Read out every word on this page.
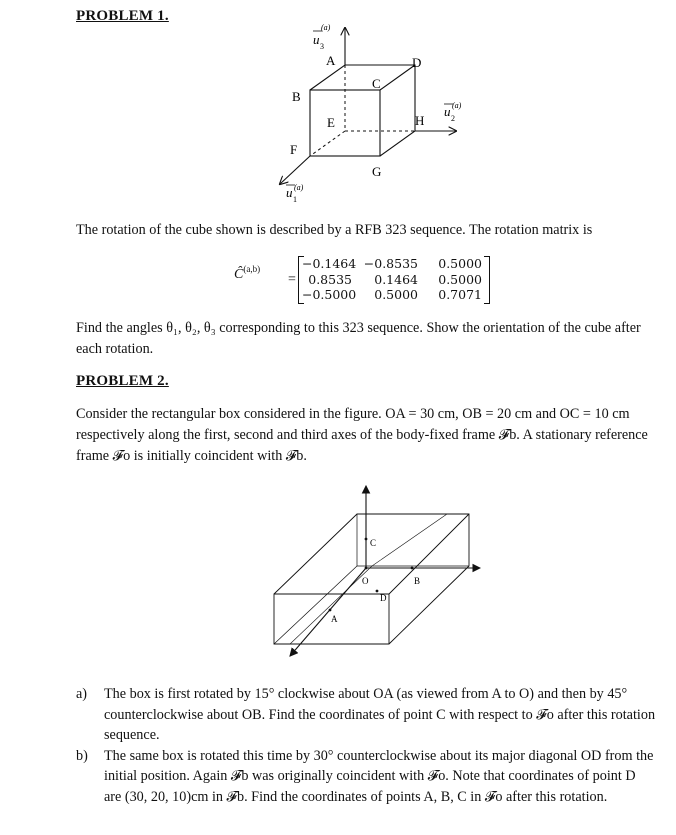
PROBLEM 1.
A
B
C
D
E
F
G
H
u 3
(a)
u 2
(a)
u 1
(a)
The rotation of the cube shown is described by a RFB 323 sequence. The rotation matrix is
Ĉ$^{(a,b)}$
=
−0.1464 −0.8535	0.5000
0.8535	0.1464	0.5000
−0.5000	0.5000	0.7071
Find the angles θ₁, θ₂, θ₃ corresponding to this 323 sequence. Show the orientation of the cube after each rotation.
PROBLEM 2.
Consider the rectangular box considered in the figure. OA = 30 cm, OB = 20 cm and OC = 10 cm respectively along the first, second and third axes of the body-fixed frame 𝓕b. A stationary reference frame 𝓕o is initially coincident with 𝓕b.
O	B
C
D
A
a)	The box is first rotated by 15° clockwise about OA (as viewed from A to O) and then by 45° counterclockwise about OB. Find the coordinates of point C with respect to 𝓕o after this rotation sequence.
b)	The same box is rotated this time by 30° counterclockwise about its major diagonal OD from the initial position. Again 𝓕b was originally coincident with 𝓕o. Note that coordinates of point D are (30, 20, 10)cm in 𝓕b. Find the coordinates of points A, B, C in 𝓕o after this rotation.
